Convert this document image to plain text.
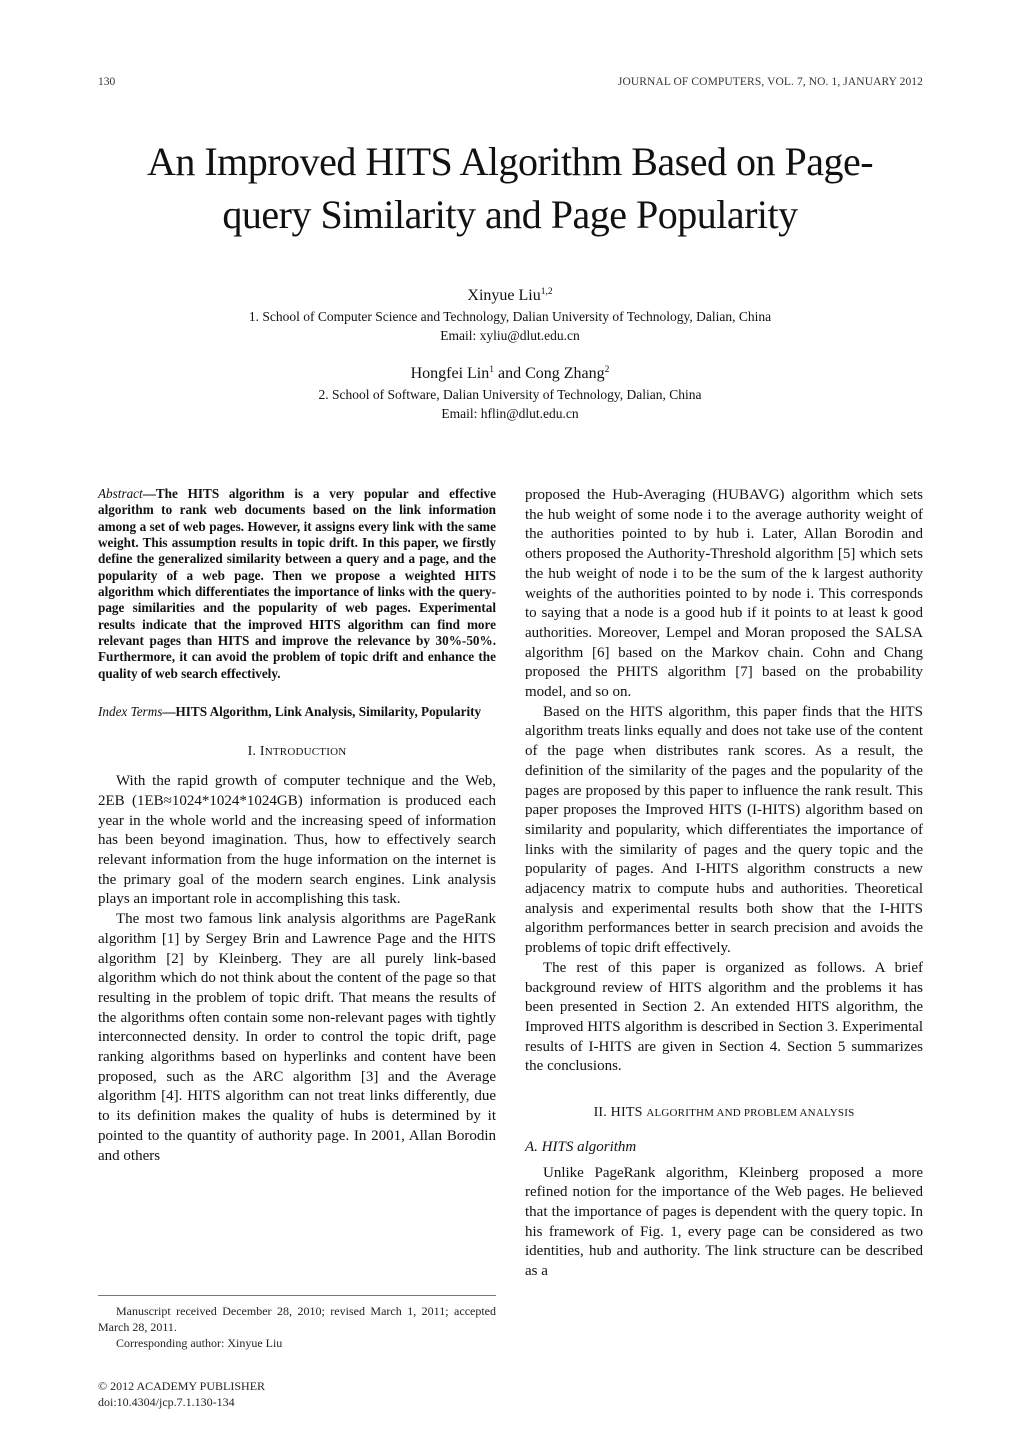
130	JOURNAL OF COMPUTERS, VOL. 7, NO. 1, JANUARY 2012
An Improved HITS Algorithm Based on Page-
query Similarity and Page Popularity
Xinyue Liu$^{1,2}$
1. School of Computer Science and Technology, Dalian University of Technology, Dalian, China
Email: xyliu@dlut.edu.cn
Hongfei Lin$^1$ and Cong Zhang$^2$
2. School of Software, Dalian University of Technology, Dalian, China
Email: hflin@dlut.edu.cn
Abstract—The HITS algorithm is a very popular and effective algorithm to rank web documents based on the link information among a set of web pages. However, it assigns every link with the same weight. This assumption results in topic drift. In this paper, we firstly define the generalized similarity between a query and a page, and the popularity of a web page. Then we propose a weighted HITS algorithm which differentiates the importance of links with the query-page similarities and the popularity of web pages. Experimental results indicate that the improved HITS algorithm can find more relevant pages than HITS and improve the relevance by 30%-50%. Furthermore, it can avoid the problem of topic drift and enhance the quality of web search effectively.
Index Terms—HITS Algorithm, Link Analysis, Similarity, Popularity
I. INTRODUCTION

With the rapid growth of computer technique and the Web, 2EB (1EB≈1024*1024*1024GB) information is produced each year in the whole world and the increasing speed of information has been beyond imagination. Thus, how to effectively search relevant information from the huge information on the internet is the primary goal of the modern search engines. Link analysis plays an important role in accomplishing this task.

The most two famous link analysis algorithms are PageRank algorithm [1] by Sergey Brin and Lawrence Page and the HITS algorithm [2] by Kleinberg. They are all purely link-based algorithm which do not think about the content of the page so that resulting in the problem of topic drift. That means the results of the algorithms often contain some non-relevant pages with tightly interconnected density. In order to control the topic drift, page ranking algorithms based on hyperlinks and content have been proposed, such as the ARC algorithm [3] and the Average algorithm [4]. HITS algorithm can not treat links differently, due to its definition makes the quality of hubs is determined by it pointed to the quantity of authority page. In 2001, Allan Borodin and others

proposed the Hub-Averaging (HUBAVG) algorithm which sets the hub weight of some node i to the average authority weight of the authorities pointed to by hub i. Later, Allan Borodin and others proposed the Authority-Threshold algorithm [5] which sets the hub weight of node i to be the sum of the k largest authority weights of the authorities pointed to by node i. This corresponds to saying that a node is a good hub if it points to at least k good authorities. Moreover, Lempel and Moran proposed the SALSA algorithm [6] based on the Markov chain. Cohn and Chang proposed the PHITS algorithm [7] based on the probability model, and so on.

Based on the HITS algorithm, this paper finds that the HITS algorithm treats links equally and does not take use of the content of the page when distributes rank scores. As a result, the definition of the similarity of the pages and the popularity of the pages are proposed by this paper to influence the rank result. This paper proposes the Improved HITS (I-HITS) algorithm based on similarity and popularity, which differentiates the importance of links with the similarity of pages and the query topic and the popularity of pages. And I-HITS algorithm constructs a new adjacency matrix to compute hubs and authorities. Theoretical analysis and experimental results both show that the I-HITS algorithm performances better in search precision and avoids the problems of topic drift effectively.

The rest of this paper is organized as follows. A brief background review of HITS algorithm and the problems it has been presented in Section 2. An extended HITS algorithm, the Improved HITS algorithm is described in Section 3. Experimental results of I-HITS are given in Section 4. Section 5 summarizes the conclusions.

II. HITS ALGORITHM AND PROBLEM ANALYSIS
A. HITS algorithm

Unlike PageRank algorithm, Kleinberg proposed a more refined notion for the importance of the Web pages. He believed that the importance of pages is dependent with the query topic. In his framework of Fig. 1, every page can be considered as two identities, hub and authority. The link structure can be described as a

Manuscript received December 28, 2010; revised March 1, 2011; accepted March 28, 2011.

Corresponding author: Xinyue Liu

© 2012 ACADEMY PUBLISHER
doi:10.4304/jcp.7.1.130-134
